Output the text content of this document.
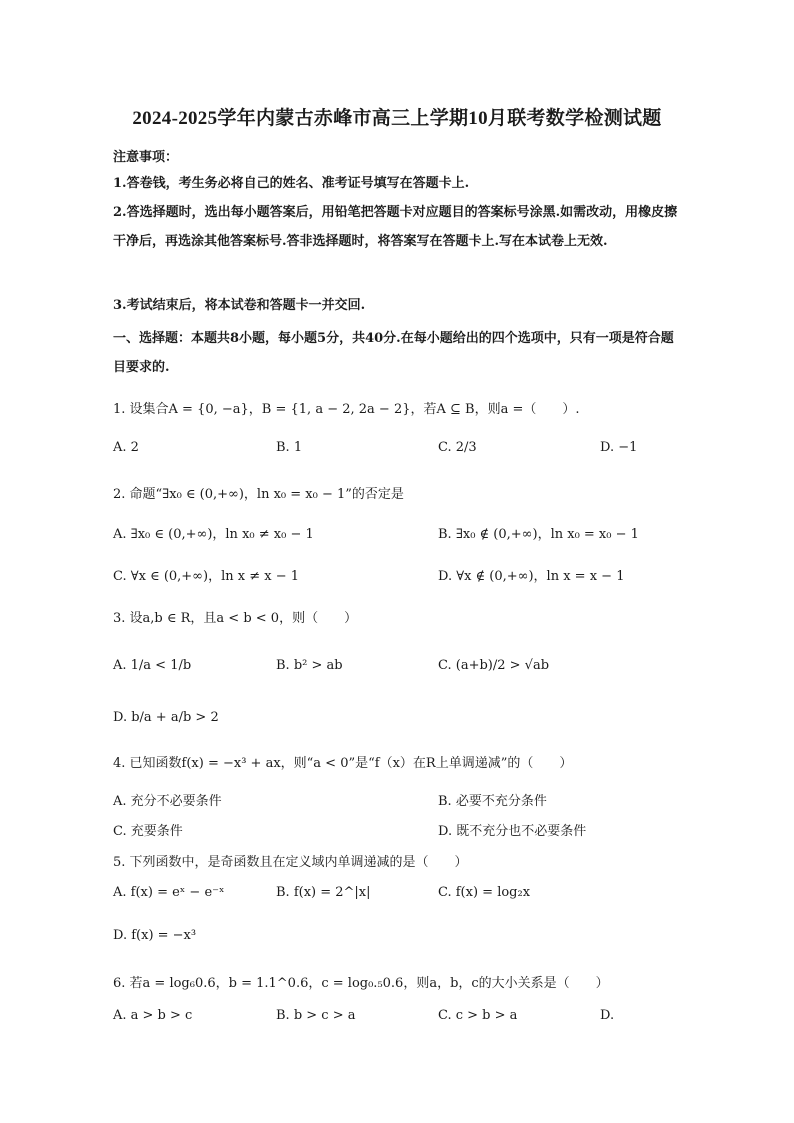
2024-2025学年内蒙古赤峰市高三上学期10月联考数学检测试题
注意事项：
1.答卷钱，考生务必将自己的姓名、准考证号填写在答题卡上.
2.答选择题时，选出每小题答案后，用铅笔把答题卡对应题目的答案标号涂黑.如需改动，用橡皮擦干净后，再选涂其他答案标号.答非选择题时，将答案写在答题卡上.写在本试卷上无效.
3.考试结束后，将本试卷和答题卡一并交回.
一、选择题：本题共8小题，每小题5分，共40分.在每小题给出的四个选项中，只有一项是符合题目要求的.
1. 设集合A = {0, −a}，B = {1, a − 2, 2a − 2}，若A ⊆ B，则a =（　　）.
A. 2	B. 1	C. 2/3	D. −1
2. 命题“∃x₀ ∈ (0,+∞)，ln x₀ = x₀ − 1”的否定是
A. ∃x₀ ∈ (0,+∞)，ln x₀ ≠ x₀ − 1	B. ∃x₀ ∉ (0,+∞)，ln x₀ = x₀ − 1
C. ∀x ∈ (0,+∞)，ln x ≠ x − 1	D. ∀x ∉ (0,+∞)，ln x = x − 1
3. 设a,b ∈ R，且a < b < 0，则（　　）
A. 1/a < 1/b	B. b² > ab	C. (a+b)/2 > √ab
D. b/a + a/b > 2
4. 已知函数f(x) = −x³ + ax，则“a < 0”是“f（x）在R上单调递减”的（　　）
A. 充分不必要条件	B. 必要不充分条件
C. 充要条件	D. 既不充分也不必要条件
5. 下列函数中，是奇函数且在定义域内单调递减的是（　　）
A. f(x) = eˣ − e⁻ˣ	B. f(x) = 2^|x|	C. f(x) = log₂x
D. f(x) = −x³
6. 若a = log₆0.6，b = 1.1^0.6，c = log₀.₅0.6，则a，b，c的大小关系是（　　）
A. a > b > c	B. b > c > a	C. c > b > a	D.
